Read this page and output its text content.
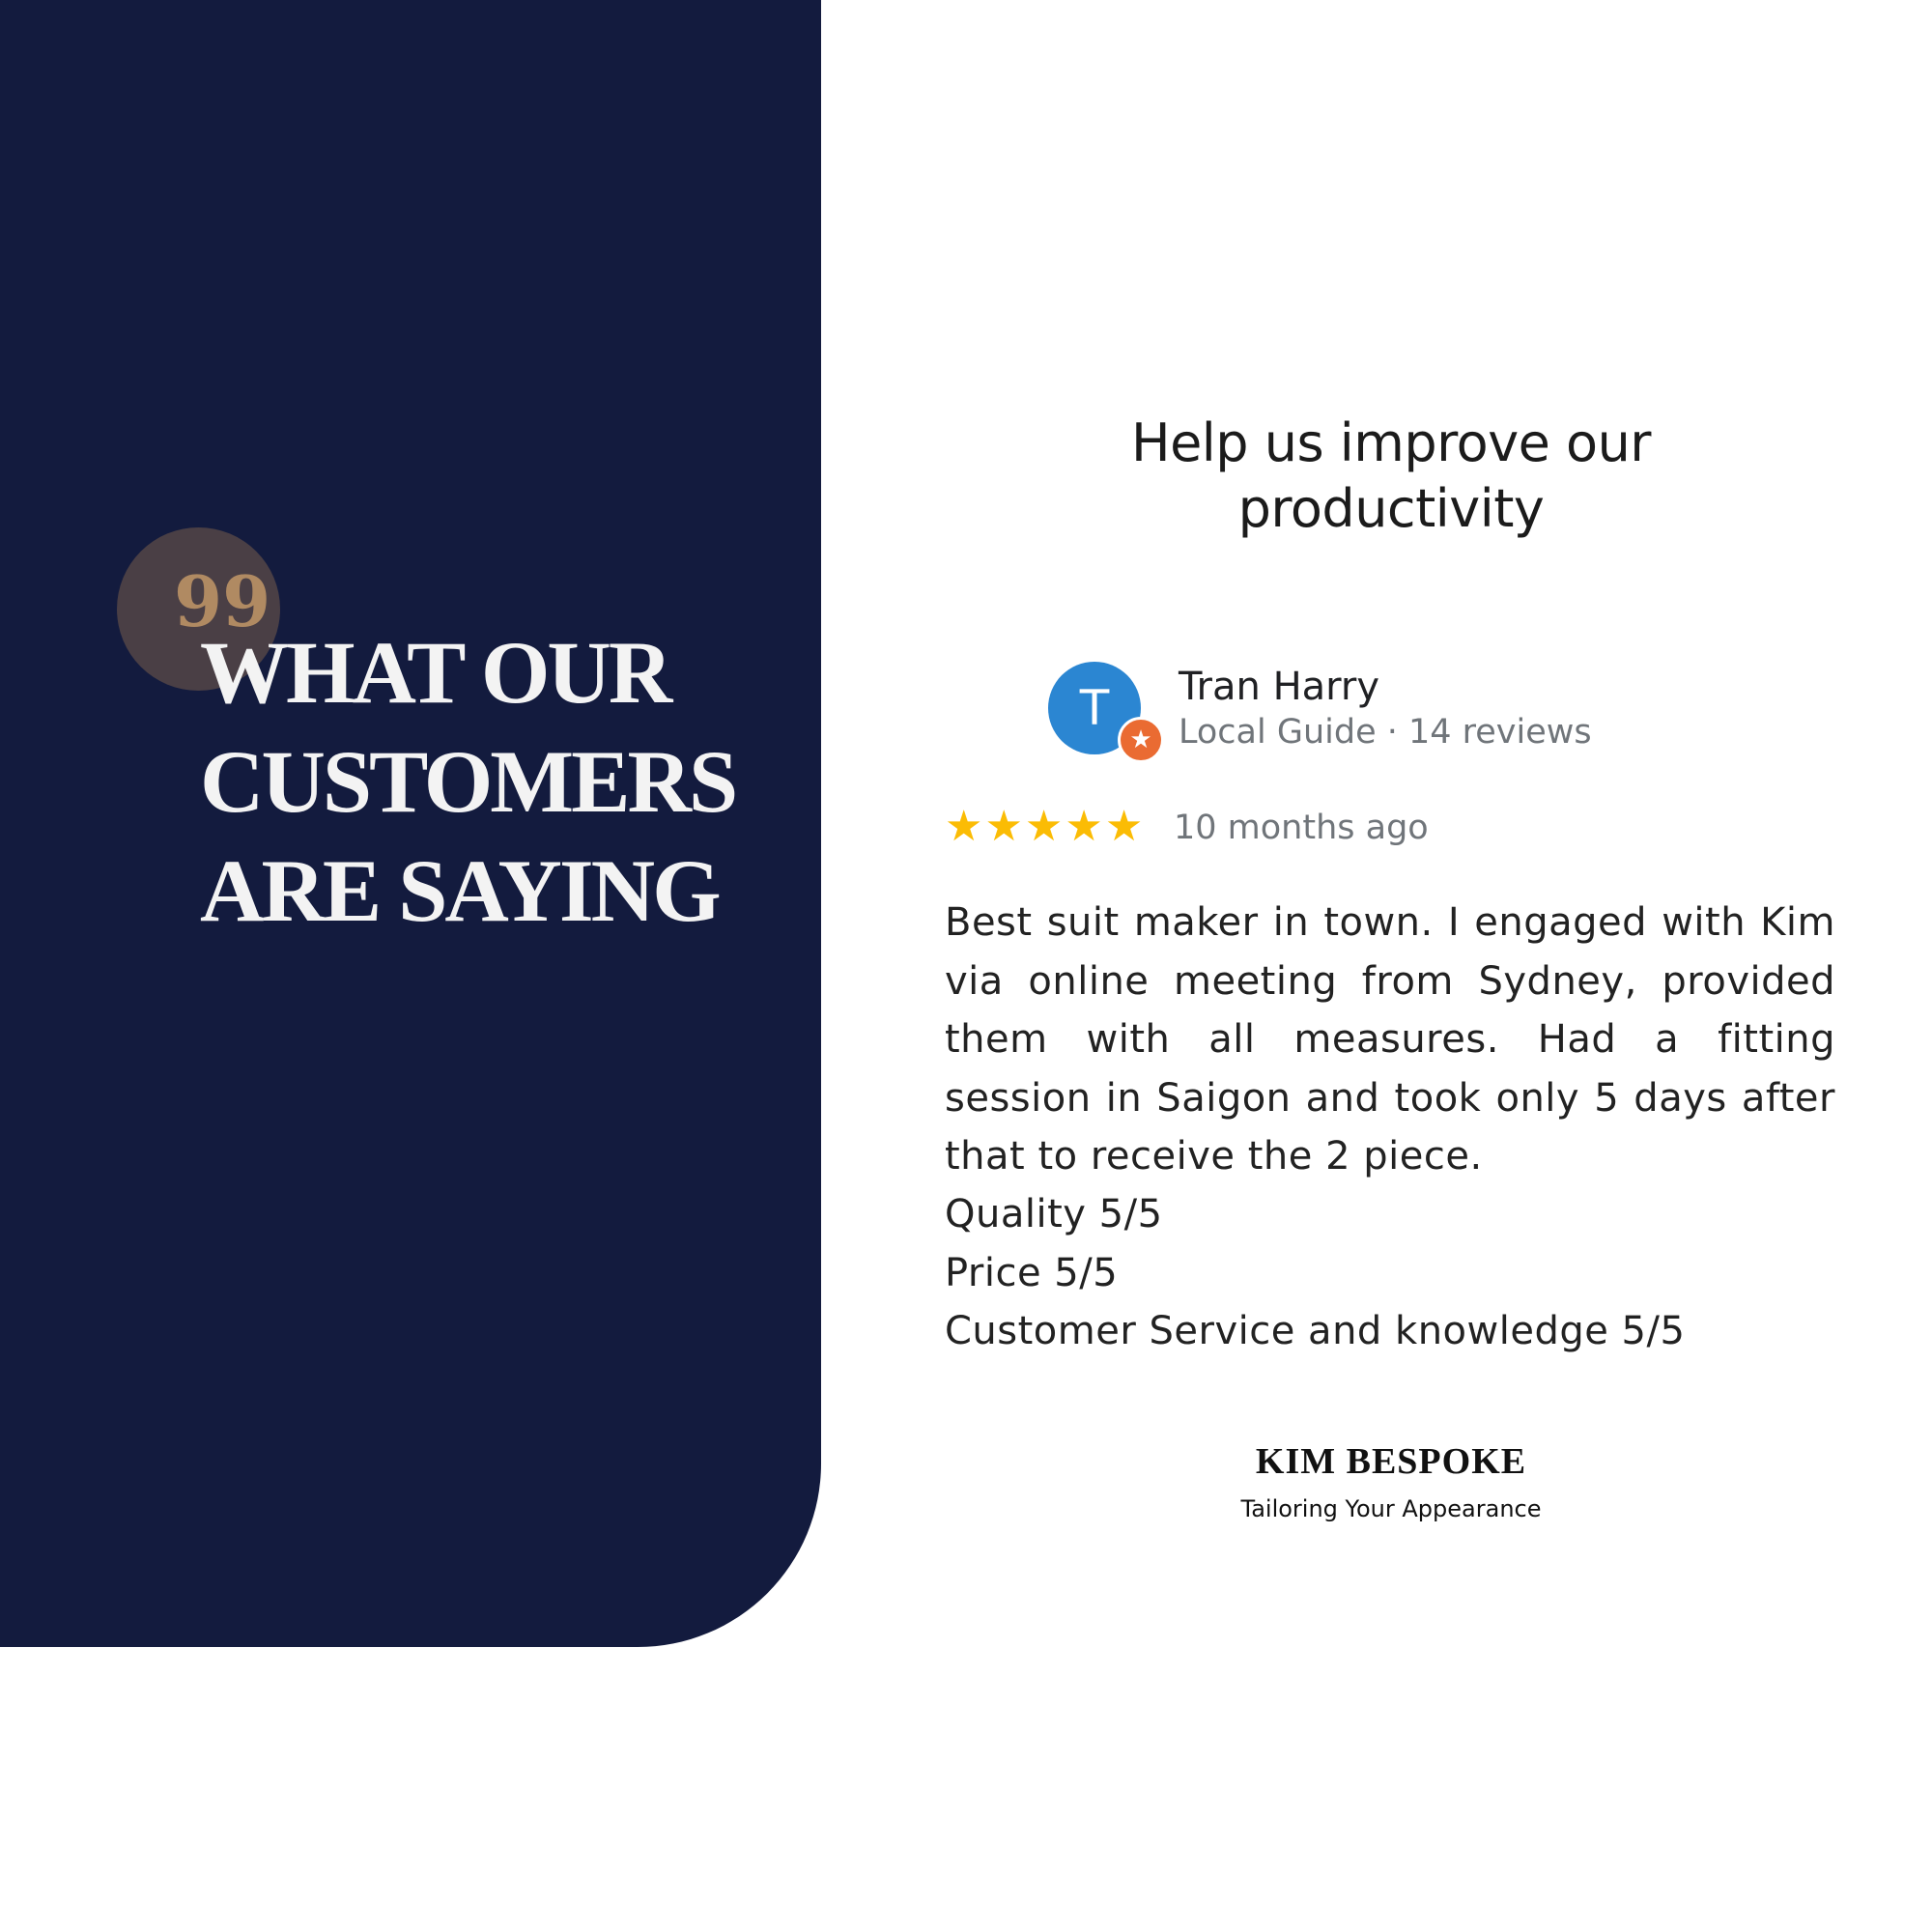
99
WHAT OUR
CUSTOMERS
ARE SAYING
Help us improve our
productivity
T
★
Tran Harry
Local Guide · 14 reviews
★ ★ ★ ★ ★ 10 months ago

Best suit maker in town. I engaged with Kim via online meeting from Sydney, provided them with all measures. Had a fitting session in Saigon and took only 5 days after that to receive the 2 piece.

Quality 5/5
Price 5/5
Customer Service and knowledge 5/5
KIM BESPOKE
Tailoring Your Appearance
